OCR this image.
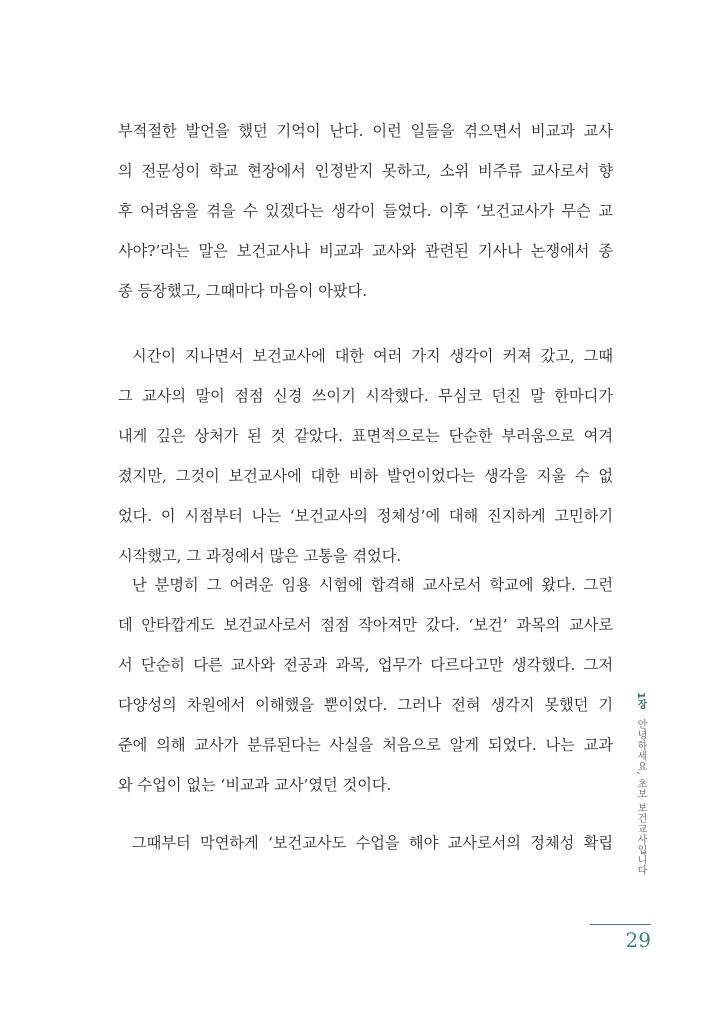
부적절한 발언을 했던 기억이 난다. 이런 일들을 겪으면서 비교과 교사
의 전문성이 학교 현장에서 인정받지 못하고, 소위 비주류 교사로서 향
후 어려움을 겪을 수 있겠다는 생각이 들었다. 이후 ‘보건교사가 무슨 교
사야?’라는 말은 보건교사나 비교과 교사와 관련된 기사나 논쟁에서 종
종 등장했고, 그때마다 마음이 아팠다.
시간이 지나면서 보건교사에 대한 여러 가지 생각이 커져 갔고, 그때
그 교사의 말이 점점 신경 쓰이기 시작했다. 무심코 던진 말 한마디가
내게 깊은 상처가 된 것 같았다. 표면적으로는 단순한 부러움으로 여겨
졌지만, 그것이 보건교사에 대한 비하 발언이었다는 생각을 지울 수 없
었다. 이 시점부터 나는 ‘보건교사의 정체성’에 대해 진지하게 고민하기
시작했고, 그 과정에서 많은 고통을 겪었다.
난 분명히 그 어려운 임용 시험에 합격해 교사로서 학교에 왔다. 그런
데 안타깝게도 보건교사로서 점점 작아져만 갔다. ‘보건’ 과목의 교사로
서 단순히 다른 교사와 전공과 과목, 업무가 다르다고만 생각했다. 그저
다양성의 차원에서 이해했을 뿐이었다. 그러나 전혀 생각지 못했던 기
준에 의해 교사가 분류된다는 사실을 처음으로 알게 되었다. 나는 교과
와 수업이 없는 ‘비교과 교사’였던 것이다.
그때부터 막연하게 ‘보건교사도 수업을 해야 교사로서의 정체성 확립
1장 안녕하세요, 초보 보건교사입니다
29
